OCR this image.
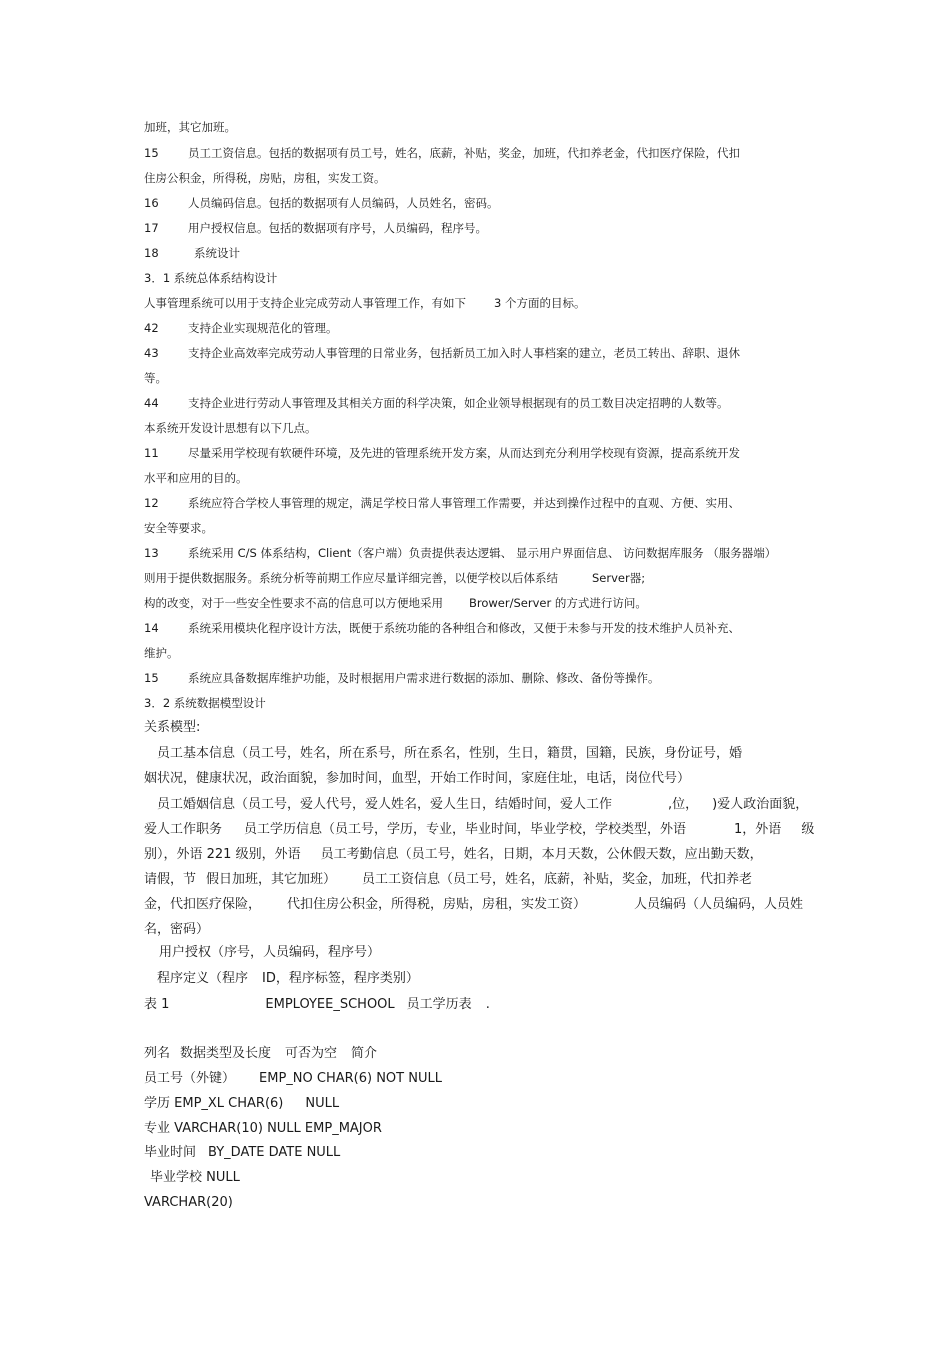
加班，其它加班。
15	员工工资信息。包括的数据项有员工号，姓名，底薪，补贴，奖金，加班，代扣养老金，代扣医疗保险，代扣
住房公积金，所得税，房贴，房租，实发工资。
16	人员编码信息。包括的数据项有人员编码，人员姓名，密码。
17	用户授权信息。包括的数据项有序号，人员编码，程序号。
18	系统设计
3．1 系统总体系结构设计
人事管理系统可以用于支持企业完成劳动人事管理工作，有如下 3 个方面的目标。
42	支持企业实现规范化的管理。
43	支持企业高效率完成劳动人事管理的日常业务，包括新员工加入时人事档案的建立，老员工转出、辞职、退休
等。
44	支持企业进行劳动人事管理及其相关方面的科学决策，如企业领导根据现有的员工数目决定招聘的人数等。
本系统开发设计思想有以下几点。
11	尽量采用学校现有软硬件环境，及先进的管理系统开发方案，从而达到充分利用学校现有资源，提高系统开发
水平和应用的目的。
12	系统应符合学校人事管理的规定，满足学校日常人事管理工作需要，并达到操作过程中的直观、方便、实用、
安全等要求。
13	系统采用 C/S 体系结构，Client（客户端）负责提供表达逻辑、 显示用户界面信息、 访问数据库服务 （服务器端）
则用于提供数据服务。系统分析等前期工作应尽量详细完善，以便学校以后体系结	Server器;
构的改变，对于一些安全性要求不高的信息可以方便地采用 Brower/Server 的方式进行访问。
14	系统采用模块化程序设计方法，既便于系统功能的各种组合和修改，又便于未参与开发的技术维护人员补充、
维护。
15	系统应具备数据库维护功能，及时根据用户需求进行数据的添加、删除、修改、备份等操作。
3．2 系统数据模型设计
关系模型:
员工基本信息（员工号，姓名，所在系号，所在系名，性别，生日，籍贯，国籍，民族，身份证号，婚
姻状况，健康状况，政治面貌，参加时间，血型，开始工作时间，家庭住址，电话，岗位代号）
员工婚姻信息（员工号，爱人代号，爱人姓名，爱人生日，结婚时间，爱人工作	,位， )爱人政治面貌，
爱人工作职务 员工学历信息（员工号，学历，专业，毕业时间，毕业学校，学校类型，外语	1，外语 级
别），外语 221 级别，外语 员工考勤信息（员工号，姓名，日期，本月天数，公休假天数，应出勤天数，
请假，节 假日加班，其它加班） 员工工资信息（员工号，姓名，底薪，补贴，奖金，加班，代扣养老
金，代扣医疗保险， 代扣住房公积金，所得税，房贴，房租，实发工资）	人员编码（人员编码，人员姓
名，密码）
用户授权（序号，人员编码，程序号）
程序定义（程序 ID，程序标签，程序类别）
表 1	EMPLOYEE_SCHOOL 员工学历表 .
列名 数据类型及长度 可否为空 简介
员工号（外键） EMP_NO CHAR(6) NOT NULL
学历 EMP_XL CHAR(6) NULL
专业 VARCHAR(10) NULL EMP_MAJOR
毕业时间 BY_DATE DATE NULL
毕业学校 NULL
VARCHAR(20)
